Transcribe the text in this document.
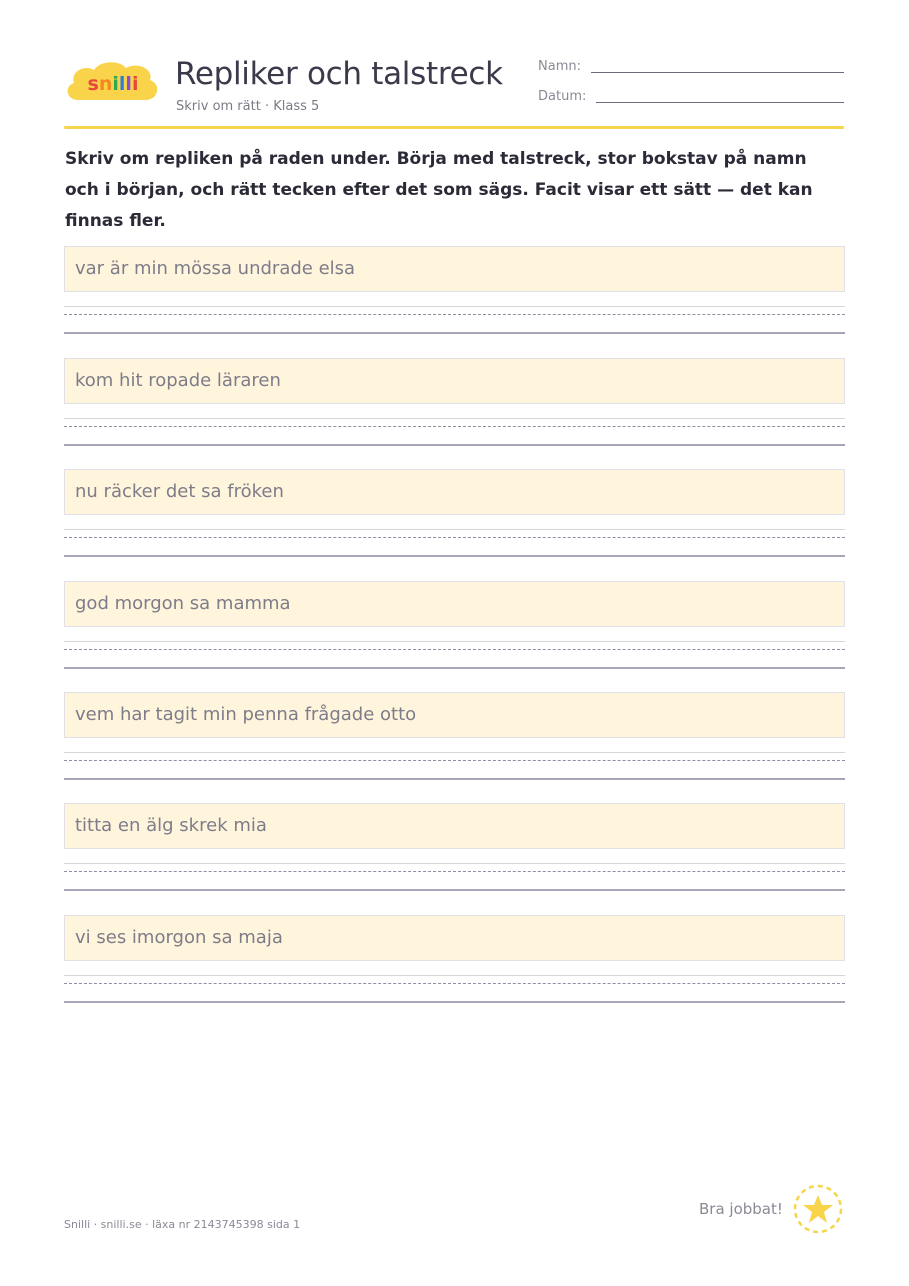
snilli Repliker och talstreck
Skriv om rätt · Klass 5
Namn:
Datum:
Skriv om repliken på raden under. Börja med talstreck, stor bokstav på namn och i början, och rätt tecken efter det som sägs. Facit visar ett sätt — det kan finnas fler.
var är min mössa undrade elsa
kom hit ropade läraren
nu räcker det sa fröken
god morgon sa mamma
vem har tagit min penna frågade otto
titta en älg skrek mia
vi ses imorgon sa maja
Snilli · snilli.se · läxa nr 2143745398 sida 1
Bra jobbat!
